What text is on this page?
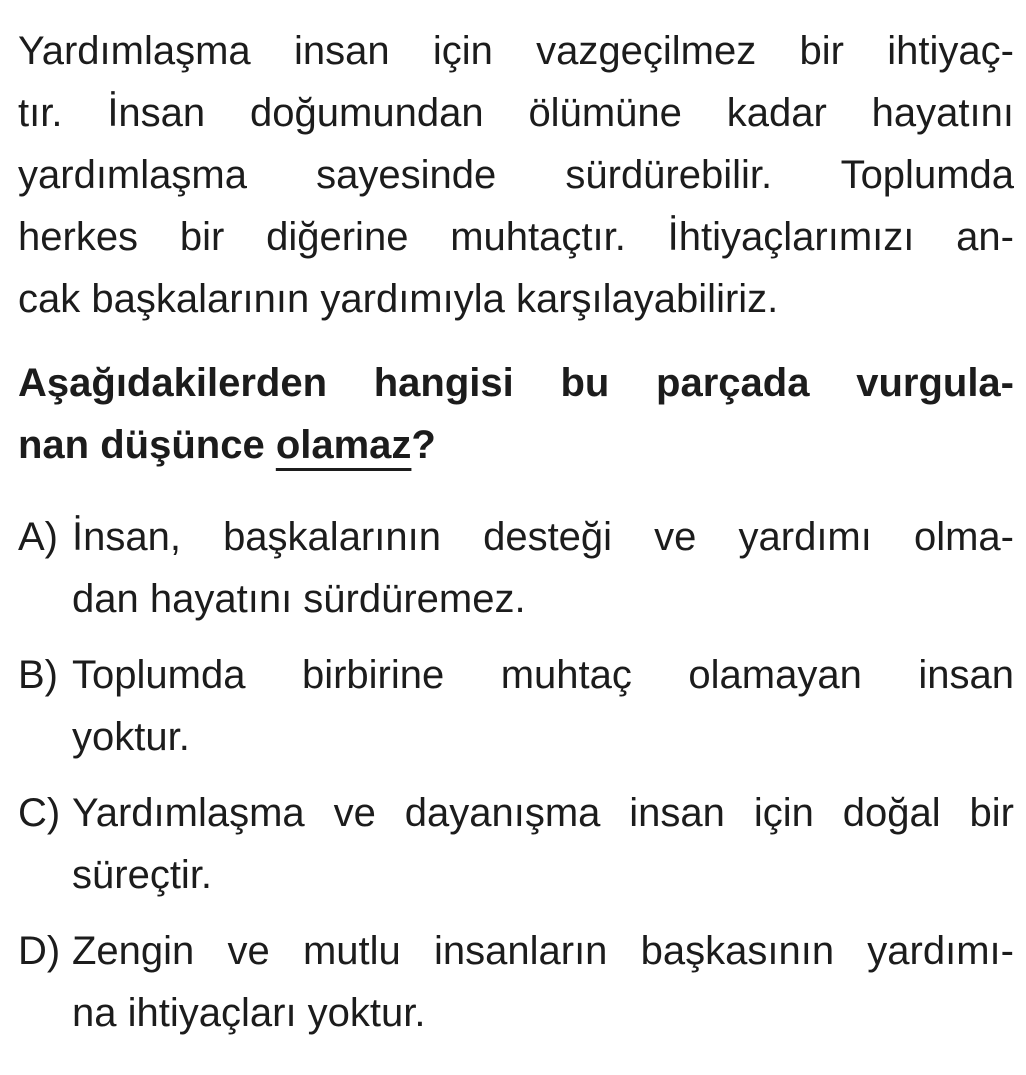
Yardımlaşma insan için vazgeçilmez bir ihtiyaç-
tır. İnsan doğumundan ölümüne kadar hayatını
yardımlaşma sayesinde sürdürebilir. Toplumda
herkes bir diğerine muhtaçtır. İhtiyaçlarımızı an-
cak başkalarının yardımıyla karşılayabiliriz.
Aşağıdakilerden hangisi bu parçada vurgula-
nan düşünce olamaz?
A) İnsan, başkalarının desteği ve yardımı olma-
dan hayatını sürdüremez.
B) Toplumda birbirine muhtaç olamayan insan
yoktur.
C) Yardımlaşma ve dayanışma insan için doğal bir
süreçtir.
D) Zengin ve mutlu insanların başkasının yardımı-
na ihtiyaçları yoktur.
